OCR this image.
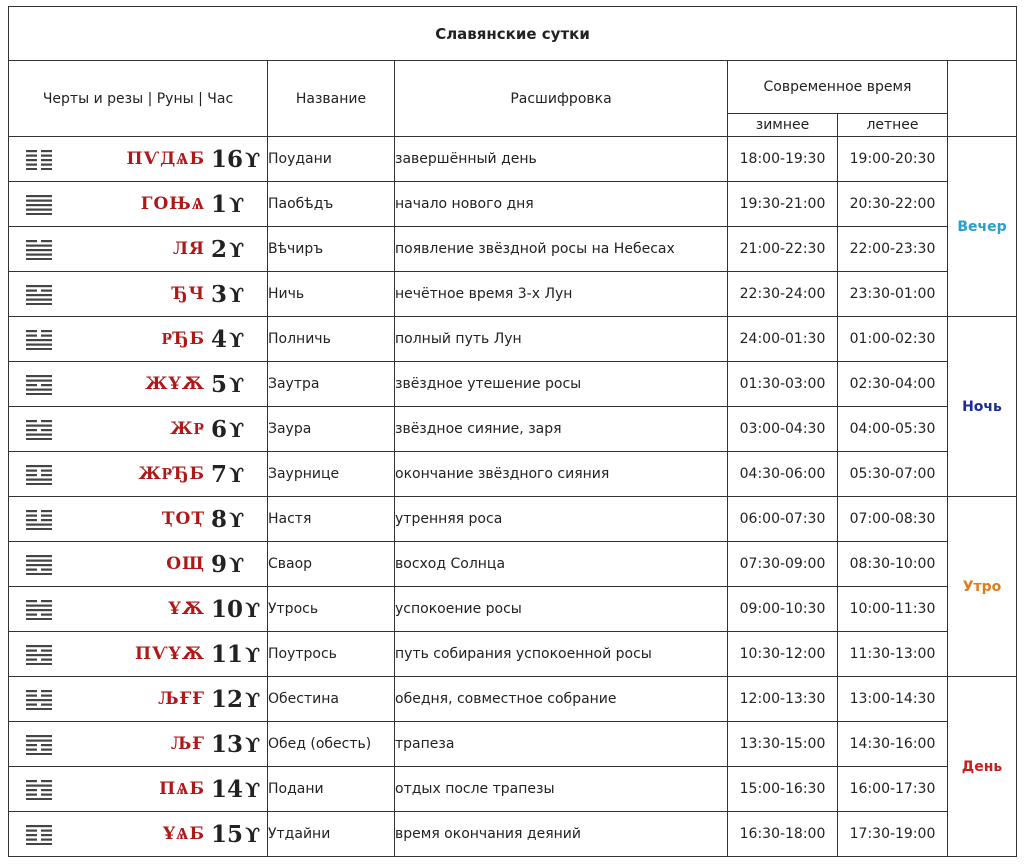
Славянские сутки					
Черты и резы | Руны | Час	Название	Расшифровка	Современное время		
			зимнее	летнее	

ПѴДѦБ 16 ϒ	Поудани	завершённый день	18:00-19:30	19:00-20:30	Вечер

ГОЊѦ 1 ϒ	Паобѣдъ	начало нового дня	19:30-21:00	20:30-22:00	

ЛЯ 2 ϒ	Вѣчиръ	появление звёздной росы на Небесах	21:00-22:30	22:00-23:30	

ЂЧ 3 ϒ	Ничь	нечётное время 3-х Лун	22:30-24:00	23:30-01:00	

ҎЂБ 4 ϒ	Полничь	полный путь Лун	24:00-01:30	01:00-02:30	Ночь

ЖҰѪ 5 ϒ	Заутра	звёздное утешение росы	01:30-03:00	02:30-04:00	

ЖҎ 6 ϒ	Заура	звёздное сияние, заря	03:00-04:30	04:00-05:30	

ЖҎЂБ 7 ϒ	Заурнице	окончание звёздного сияния	04:30-06:00	05:30-07:00	

ҬОҬ 8 ϒ	Настя	утренняя роса	06:00-07:30	07:00-08:30	Утро

ОЩ 9 ϒ	Сваор	восход Солнца	07:30-09:00	08:30-10:00	

ҰѪ 10 ϒ	Утрось	успокоение росы	09:00-10:30	10:00-11:30	

ПѴҰѪ 11 ϒ	Поутрось	путь собирания успокоенной росы	10:30-12:00	11:30-13:00	

ЉҒҒ 12 ϒ	Обестина	обедня, совместное собрание	12:00-13:30	13:00-14:30	День

ЉҒ 13 ϒ	Обед (обесть)	трапеза	13:30-15:00	14:30-16:00	

ПѦБ 14 ϒ	Подани	отдых после трапезы	15:00-16:30	16:00-17:30	

ҰѦБ 15 ϒ	Утдайни	время окончания деяний	16:30-18:00	17:30-19:00	
